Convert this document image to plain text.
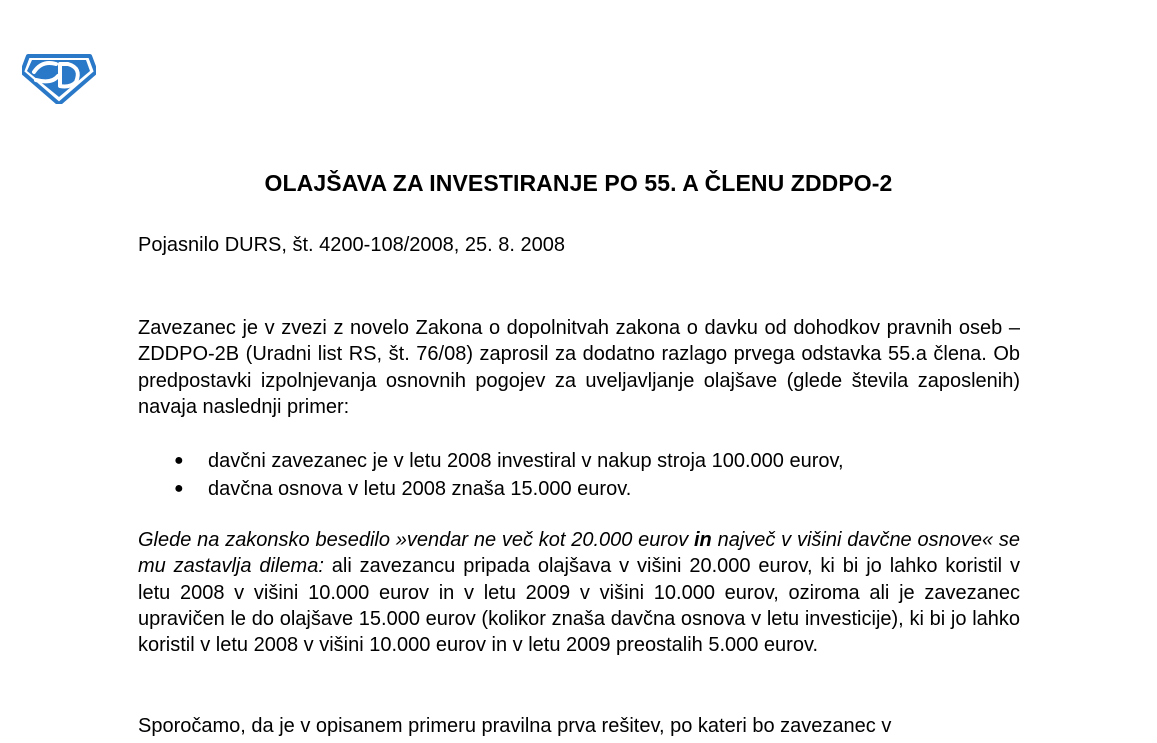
OLAJŠAVA ZA INVESTIRANJE PO 55. A ČLENU ZDDPO-2
Pojasnilo DURS, št. 4200-108/2008, 25. 8. 2008
Zavezanec je v zvezi z novelo Zakona o dopolnitvah zakona o davku od dohodkov pravnih oseb – ZDDPO-2B (Uradni list RS, št. 76/08) zaprosil za dodatno razlago prvega odstavka 55.a člena. Ob predpostavki izpolnjevanja osnovnih pogojev za uveljavljanje olajšave (glede števila zaposlenih) navaja naslednji primer:
● davčni zavezanec je v letu 2008 investiral v nakup stroja 100.000 eurov,
● davčna osnova v letu 2008 znaša 15.000 eurov.
Glede na zakonsko besedilo »vendar ne več kot 20.000 eurov in največ v višini davčne osnove« se mu zastavlja dilema: ali zavezancu pripada olajšava v višini 20.000 eurov, ki bi jo lahko koristil v letu 2008 v višini 10.000 eurov in v letu 2009 v višini 10.000 eurov, oziroma ali je zavezanec upravičen le do olajšave 15.000 eurov (kolikor znaša davčna osnova v letu investicije), ki bi jo lahko koristil v letu 2008 v višini 10.000 eurov in v letu 2009 preostalih 5.000 eurov.
Sporočamo, da je v opisanem primeru pravilna prva rešitev, po kateri bo zavezanec v
